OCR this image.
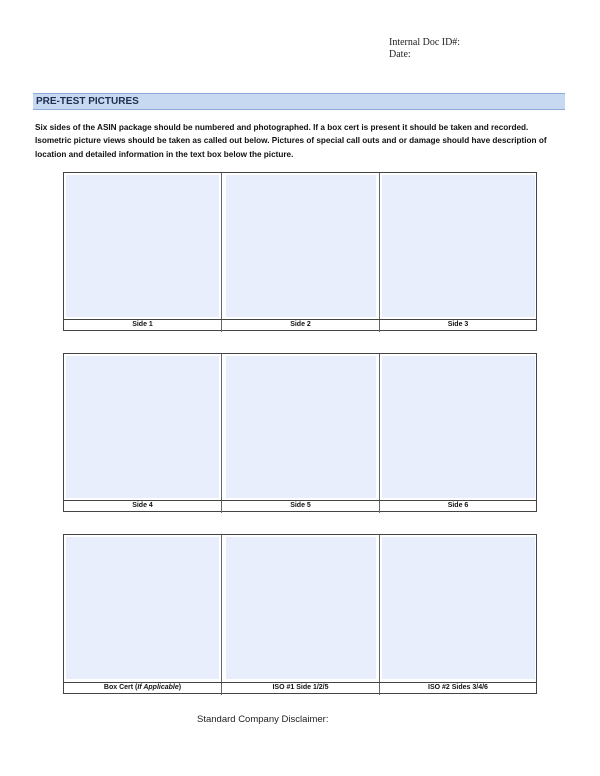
Internal Doc ID#:
Date:
PRE-TEST PICTURES
Six sides of the ASIN package should be numbered and photographed. If a box cert is present it should be taken and recorded. Isometric picture views should be taken as called out below. Pictures of special call outs and or damage should have description of location and detailed information in the text box below the picture.
Side 1	Side 2	Side 3
Side 4	Side 5	Side 6
Box Cert (If Applicable)	ISO #1 Side 1/2/5	ISO #2 Sides 3/4/6
Standard Company Disclaimer:
